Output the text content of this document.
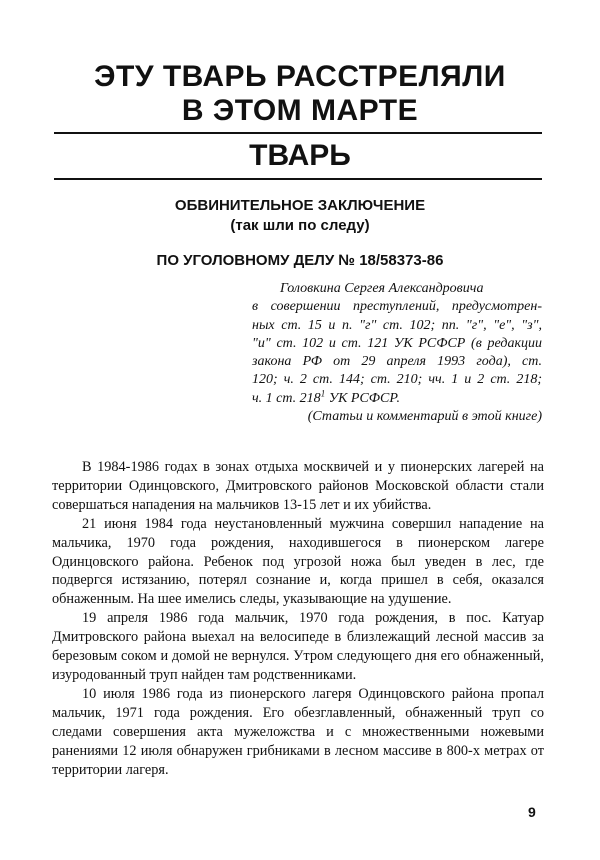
ЭТУ ТВАРЬ РАССТРЕЛЯЛИ
В ЭТОМ МАРТЕ
ТВАРЬ
ОБВИНИТЕЛЬНОЕ ЗАКЛЮЧЕНИЕ
(так шли по следу)
ПО УГОЛОВНОМУ ДЕЛУ № 18/58373-86
Головкина Сергея Александровича
в совершении преступлений, предусмотрен-
ных ст. 15 и п. "г" ст. 102; пп. "г", "е", "з",
"и" ст. 102 и ст. 121 УК РСФСР (в редакции
закона РФ от 29 апреля 1993 года), ст.
120; ч. 2 ст. 144; ст. 210; чч. 1 и 2 ст. 218;
ч. 1 ст. $218^1$ УК РСФСР.
(Статьи и комментарий в этой книге)

В 1984-1986 годах в зонах отдыха москвичей и у пионерских лагерей на территории Одинцовского, Дмитровского районов Московской области стали совершаться нападения на мальчиков 13-15 лет и их убийства.

21 июня 1984 года неустановленный мужчина совершил нападение на мальчика, 1970 года рождения, находившегося в пионерском лагере Одинцовского района. Ребенок под угрозой ножа был уведен в лес, где подвергся истязанию, потерял сознание и, когда пришел в себя, оказался обнаженным. На шее имелись следы, указывающие на удушение.

19 апреля 1986 года мальчик, 1970 года рождения, в пос. Катуар Дмитровского района выехал на велосипеде в близлежащий лесной массив за березовым соком и домой не вернулся. Утром следующего дня его обнаженный, изуродованный труп найден там родственниками.

10 июля 1986 года из пионерского лагеря Одинцовского района пропал мальчик, 1971 года рождения. Его обезглавленный, обнаженный труп со следами совершения акта мужеложства и с множественными ножевыми ранениями 12 июля обнаружен грибниками в лесном массиве в 800-х метрах от территории лагеря.

9
